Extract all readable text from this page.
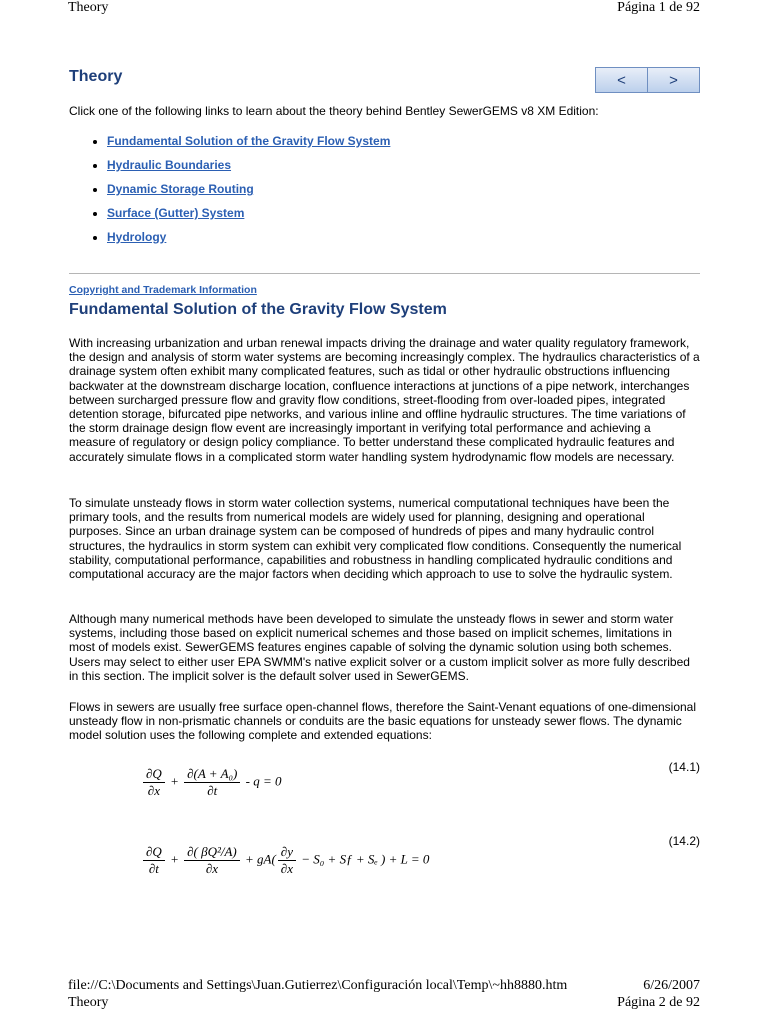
Theory	Página 1 de 92
Theory	<	>
Click one of the following links to learn about the theory behind Bentley SewerGEMS v8 XM Edition:
• Fundamental Solution of the Gravity Flow System
• Hydraulic Boundaries
• Dynamic Storage Routing
• Surface (Gutter) System
• Hydrology
Copyright and Trademark Information
Fundamental Solution of the Gravity Flow System
With increasing urbanization and urban renewal impacts driving the drainage and water quality regulatory framework, the design and analysis of storm water systems are becoming increasingly complex. The hydraulics characteristics of a drainage system often exhibit many complicated features, such as tidal or other hydraulic obstructions influencing backwater at the downstream discharge location, confluence interactions at junctions of a pipe network, interchanges between surcharged pressure flow and gravity flow conditions, street-flooding from over-loaded pipes, integrated detention storage, bifurcated pipe networks, and various inline and offline hydraulic structures. The time variations of the storm drainage design flow event are increasingly important in verifying total performance and achieving a measure of regulatory or design policy compliance. To better understand these complicated hydraulic features and accurately simulate flows in a complicated storm water handling system hydrodynamic flow models are necessary.
To simulate unsteady flows in storm water collection systems, numerical computational techniques have been the primary tools, and the results from numerical models are widely used for planning, designing and operational purposes. Since an urban drainage system can be composed of hundreds of pipes and many hydraulic control structures, the hydraulics in storm system can exhibit very complicated flow conditions. Consequently the numerical stability, computational performance, capabilities and robustness in handling complicated hydraulic conditions and computational accuracy are the major factors when deciding which approach to use to solve the hydraulic system.
Although many numerical methods have been developed to simulate the unsteady flows in sewer and storm water systems, including those based on explicit numerical schemes and those based on implicit schemes, limitations in most of models exist. SewerGEMS features engines capable of solving the dynamic solution using both schemes. Users may select to either user EPA SWMM's native explicit solver or a custom implicit solver as more fully described in this section. The implicit solver is the default solver used in SewerGEMS.
Flows in sewers are usually free surface open-channel flows, therefore the Saint-Venant equations of one-dimensional unsteady flow in non-prismatic channels or conduits are the basic equations for unsteady sewer flows. The dynamic model solution uses the following complete and extended equations:
(14.1)
$\frac{\partial Q}{\partial x} + \frac{\text{∂(A + A₀)}}{\partial t} - q = 0$
(14.2)
$\frac{\partial Q}{\partial t} + \frac{\text{∂( βQ²/A)}}{\partial x} + gA( \frac{\partial y}{\partial x} - S_0$ + Sƒ + Sₑ ) + L = 0
file://C:\Documents and Settings\Juan.Gutierrez\Configuración local\Temp\~hh8880.htm	6/26/2007
Theory	Página 2 de 92
